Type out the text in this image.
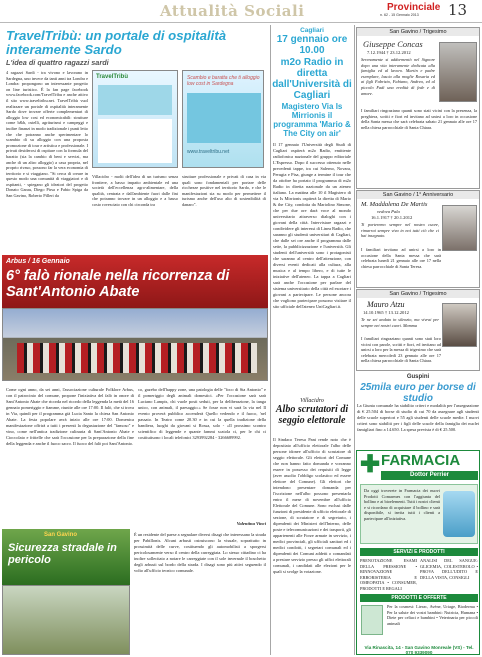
Attualità Sociali	Provinciale
n. 62 - 15 Gennaio 2013	13
TravelTribù: un portale di ospitalità interamente Sardo
L'idea di quattro ragazzi sardi
4 ragazzi Sardi - tra vivono e lavorano in Sardegna, uno invece da tanti anni tra Londra e Londra: propongono un interessante progetto on line turistico. È la fan page facebook www.facebook.com/TravelTribu e anche attivo il sito www.traveltribu.net. TravelTribù vuol realizzare un portale di ospitalità interamente Sardo dove trovare offerte complementari di alloggio low cost ed economicabili: strutture come b&b, ostelli, agriturismi e campeggi e inoltre finanzi in modo tradizionale i punti letto che che potranno anche sperimentare lo scambio di su alloggio con una proposta promozione di tour e artistica e professionale. I privati desiderosi di ospitare con la formula del baratto (sia la cambio di beni e servizi, ma anche di un altro alloggio) a casa propria, nel proprio rivaso, possono far la vera economia di territorio e si viaggiano. "Si cerca di creare in questo modo una comunità di viaggiatori e di ospitanti, - spiegano gli ideatori del progetto Donato Garau, Diego Pirsa e Fabio Spiga da San Gavino, Roberto Pilleri da
TravelTribù	Scambio e baratta che ti alloggio low cost in Sardegna
www.traveltribu.net
Villacidro - molti dell'idea di un turismo senza frontiere, a basso impatto ambientale ed una società dell'eccellenza agro-alimentare, della qualità, centrata e dall'ambiente fuori dalle fini che potranno trovare in un alloggio e a basso costo rovesciato con chi circonda tra
strutture professionale e privati di casa in via quali sono fondamentali per portare delle ricchezze positive nel territorio Sardo, e che le manifestazioni sia su modo per permettere il turismo anche dell'uso alto di sostenibilità di danaro".
Arbus / 16 Gennaio
6° falò rionale nella ricorrenza di Sant'Antonio Abate
Come ogni anno, da sei anni, l'associazione culturale Folklore Arbus, con il patrocinio del comune, propone l'iniziativa del falò in onore di Sant'Antonio Abate che ricorda nel ricordo della leggenda la metà del 16 gennaio pomeriggio e fiamme, riunite alle ore 17:00. Il falò, che si trova in Via, quindi per il programma già Lucia Santo la chiesa San Antonio Abate. La festa popolare avrà inizio alle ore 17:00. Domenica manifestazione offrirà a tutti i presenti la degustazione del "famoso" e vino, come nell'antica tradizione culinaria di Sant'Antonio Abate e Cioccolato e frittelle che sarà l'occasione per la preparazione della fine della leggenda e anche il fuoco sacro. Il fuoco del falò poi Sant'Antonio.
co, gazebo dell'happy zone, una patologia delle "foco di Sta Antonio" e il pomeriggio degli animali domestici. «Per l'occasione sarà sarà Luciano Lampis, chi vuole posti seduti, per la deliberazione, la tanga unico, con animali, il paesaggio.» Se fosse non vi sarà la via nel Il evento proverà pubblico accenderà Quello vedendo e il fuoco, 'nel passato. In Teatro come 20.30 e in cui la quella tradizione della bandiera, luoghi da giovani si Rossa, solo - «Il prossimo scontro scientifico di leggende e quante fammi scatola ci, per le chi ci costituitsono i locali telefonici 3293992284 - 3266689992.
Valentina Vinci
San Gavino
Sicurezza stradale in pericolo
È un residente del paese a segnalare diversi disagi che interessano la strada per Pabillonis. Alcuni arbusti ostruiscono la visuale, soprattutto in prossimità delle curve, costituendo gli automobilisti a sporgersi pericolosamente verso il centro della carreggiata. Lo stesso cittadino ci ha inoltre sollecitato a notare le carreggiate con il sole invernale il boschetto degli arbusti sul bordo della strada. I disagi sono più attivi seguendo il volto all'ufficio tecnico comunale.
Cagliari
17 gennaio ore 10.00
m2o Radio in diretta dall'Università di Cagliari
Magistero Via Is Mirrionis il programma 'Mario & The City on air'
Il 17 gennaio l'Università degli Studi di Cagliari ospiterà m2o Radio, emittente radiofonica nazionale del gruppo editoriale L'Espresso. Dopo il successo ottenuto nelle precedenti tappe, tra cui Salerno, Novara, Perugia e Pisa, giunge a termine il tour che da ottobre ha portato il programma di m2o Radio in diretta nazionale da un ateneo italiano. La mattina alle 10 il Magistero di via Is Mirrionis ospiterà la diretta di Mario & the City, condotta da Mariolino Simone, che per due ore darà voce al mondo universitario attraverso dialoghi con i giovani della città. Intervistare ragazzi e condividere gli interessi di Linea Radio, che saranno gli studenti universitari di Cagliari, che dalle sei ore anche il programma dalle sette, la pubblicizzazione e l'università. Gli studenti dell'università sono i protagonisti che saranno al centro dell'attenzione, con diversi eventi dedicati alla cultura, alla musica e al tempo libero, e di tutte le iniziative dell'ateneo. La tappa a Cagliari sarà anche l'occasione per parlare del sistema universitario della città ed esortare i giovani a partecipare. Le persone ancora che vogliono partecipare possono visitare il sito ufficiale dell'ateneo UniCagliari.it.
Villacidro
Albo scrutatori di seggio elettorale
Il Sindaco Teresa Pani rende noto che è depositato all'ufficio elettorale l'albo delle persone idonee all'ufficio di scrutatore di seggio elettorale. Gli elettori del Comune che non hanno fatto domanda e vorranno essere in possesso dei requisiti di legge (aver assolto l'obbligo scolastico ed essere elettore del Comune). Gli elettori che intendono presentare domanda per l'iscrizione nell'albo possono presentarla entro il mese di novembre all'ufficio Elettorale del Comune. Sono esclusi dalle funzioni di presidente di ufficio elettorale di sezione, di scrutatore e di segretario, i dipendenti dei Ministeri dell'Interno, delle poste e telecomunicazioni e dei trasporti, gli appartenenti alle Forze armate in servizio, i medici provinciali, gli ufficiali sanitari ed i medici condotti, i segretari comunali ed i dipendenti dei Comuni addetti o comandati a prestare servizio presso gli uffici elettorali comunali, i candidati alle elezioni per le quali si svolge la votazione.
San Gavino / Trigesimo
Giuseppe Concas
7.12.1944 † 23.12.2012
Serenamente si addormentò nel Signore dopo una vita interamente dedicata alla famiglia ed al lavoro. Martin e padre esemplare, lascia alla moglie Rosaria ed ai figli Fabrizio, Fabiano, Andrea, ed al piccolo Fadi una eredità di fede e di amore.
I familiari ringraziano quanti sono stati vicini con la presenza, la preghiera, scritti e fiori ed invitano ad unirsi a loro in occasione della Santa messa che sarà celebrata sabato 21 gennaio alle ore 17 nella chiesa parrocchiale di Santa Chiara.
San Gavino / 1° Anniversario
M. Maddalena De Martis
vedova Pala
16.1.1917 † 20.1.2012
Ti porteremo sempre nel nostro cuore, rimarrai sempre viva in noi tutti ciò che ci hai insegnato.
I familiari invitano ad unirsi a loro in occasione della Santa messa che sarà celebrata lunedì 21 gennaio alle ore 17 nella chiesa parrocchiale di Santa Teresa.
San Gavino / Trigesimo
Mauro Atzu
14.10.1965 † 13.12.2012
Te ne sei andato in silenzio, ma vivrai per sempre nei nostri cuori. Mamma
I familiari ringraziano quanti sono stati loro vicini con parole, scritti e fiori, ed invitano ad unirsi a loro per la messa di trigesimo che sarà celebrata mercoledì 23 gennaio alle ore 17 nella chiesa parrocchiale di Santa Chiara.
Guspini
25mila euro per borse di studio
La Giunta comunale ha stabilito criteri e modalità per l'assegnazione di € 25.504 di borse di studio di cui 70 da assegnare agli studenti delle scuole superiori e 55 agli studenti delle scuole medie. I nuovi criteri sono stabiliti per i figli delle scuole della famiglia dei nuclei famigliari fino a 14.650. La spesa prevista è di € 25.500.
✚ FARMACIA
Dottor Perrier
Da oggi troverete in Farmacia dei nuovi Prodotti Comarmes con l'aggiunta del bollino e ai bioelementi. Tutti i nostri clienti e si ricordano di acquistare il bollino e sarà disponibile, si invita tutti i clienti a partecipare all'iniziativa.
SERVIZI E PRODOTTI
PRENOTAZIONE ESAMI DELLA PRESSIONE • RINNOVAZIONE ERBORISTERIA E OMEOPATIA • CONSUMER, PRODOTTI E REGALI
ANALISI DEL SANGUE: GLICEMIA, COLESTEROLO • PROVA DELL'UDITO E DELLA VISTA, CONSIGLI
PRODOTTI E OFFERTE
Per la cosmesi: Lierac, Avène, Uriage, Bioderma • Per la salute dei vostri bambini: Nutricia, Humana • Diete per celiaci e bambini • Veterinaria per piccoli animali
Via Rinascita, 14 - San Gavino Monreale (VS) - Tel. 070 9339090
